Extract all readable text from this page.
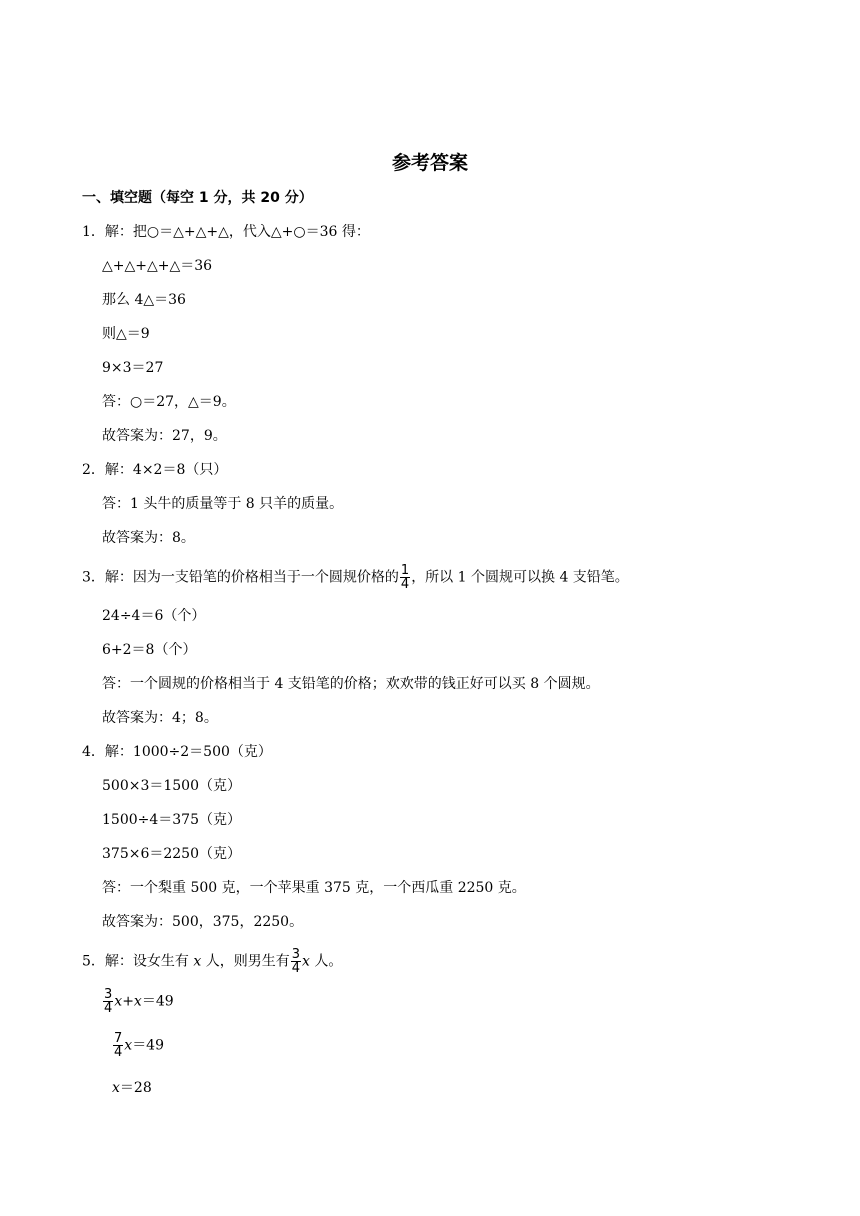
参考答案
一、填空题（每空 1 分，共 20 分）
1．解：把○＝△+△+△，代入△+○＝36 得：
△+△+△+△＝36
那么 4△＝36
则△＝9
9×3＝27
答：○＝27，△＝9。
故答案为：27，9。
2．解：4×2＝8（只）
答：1 头牛的质量等于 8 只羊的质量。
故答案为：8。
3．解：因为一支铅笔的价格相当于一个圆规价格的 $\frac{1}{4}$ ，所以 1 个圆规可以换 4 支铅笔。
24÷4＝6（个）
6+2＝8（个）
答：一个圆规的价格相当于 4 支铅笔的价格；欢欢带的钱正好可以买 8 个圆规。
故答案为：4；8。
4．解：1000÷2＝500（克）
500×3＝1500（克）
1500÷4＝375（克）
375×6＝2250（克）
答：一个梨重 500 克，一个苹果重 375 克，一个西瓜重 2250 克。
故答案为：500，375，2250。
5．解：设女生有 x 人，则男生有 $\frac{3}{4}$ x 人。
$\frac{3}{4} x+x=49$
$\frac{7}{4} x=49$
x＝28
